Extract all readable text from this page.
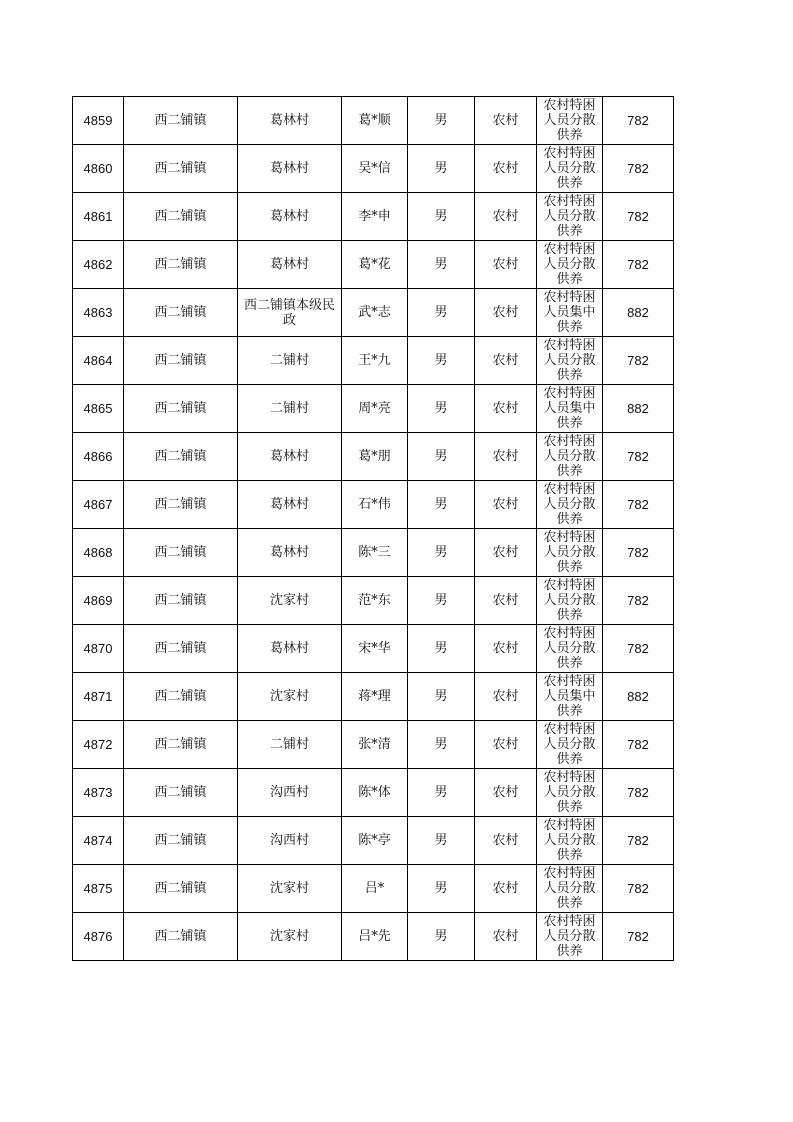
4859	西二铺镇	葛林村	葛*顺	男	农村	农村特困人员分散供养	782
4860	西二铺镇	葛林村	吴*信	男	农村	农村特困人员分散供养	782
4861	西二铺镇	葛林村	李*申	男	农村	农村特困人员分散供养	782
4862	西二铺镇	葛林村	葛*花	男	农村	农村特困人员分散供养	782
4863	西二铺镇	西二铺镇本级民政	武*志	男	农村	农村特困人员集中供养	882
4864	西二铺镇	二铺村	王*九	男	农村	农村特困人员分散供养	782
4865	西二铺镇	二铺村	周*亮	男	农村	农村特困人员集中供养	882
4866	西二铺镇	葛林村	葛*朋	男	农村	农村特困人员分散供养	782
4867	西二铺镇	葛林村	石*伟	男	农村	农村特困人员分散供养	782
4868	西二铺镇	葛林村	陈*三	男	农村	农村特困人员分散供养	782
4869	西二铺镇	沈家村	范*东	男	农村	农村特困人员分散供养	782
4870	西二铺镇	葛林村	宋*华	男	农村	农村特困人员分散供养	782
4871	西二铺镇	沈家村	蒋*理	男	农村	农村特困人员集中供养	882
4872	西二铺镇	二铺村	张*清	男	农村	农村特困人员分散供养	782
4873	西二铺镇	沟西村	陈*体	男	农村	农村特困人员分散供养	782
4874	西二铺镇	沟西村	陈*亭	男	农村	农村特困人员分散供养	782
4875	西二铺镇	沈家村	吕*	男	农村	农村特困人员分散供养	782
4876	西二铺镇	沈家村	吕*先	男	农村	农村特困人员分散供养	782
